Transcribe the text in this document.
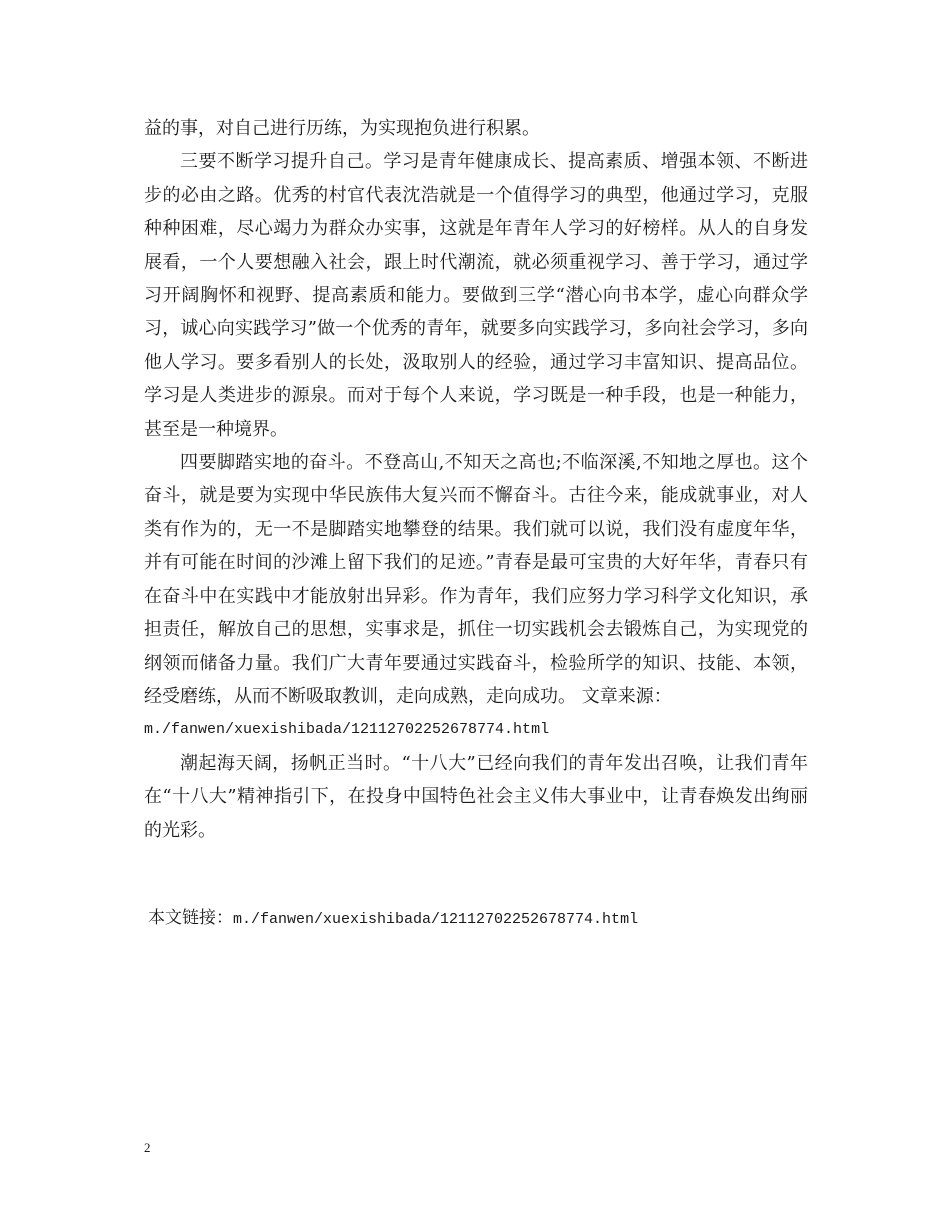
益的事，对自己进行历练，为实现抱负进行积累。

三要不断学习提升自己。学习是青年健康成长、提高素质、增强本领、不断进步的必由之路。优秀的村官代表沈浩就是一个值得学习的典型，他通过学习，克服种种困难，尽心竭力为群众办实事，这就是年青年人学习的好榜样。从人的自身发展看，一个人要想融入社会，跟上时代潮流，就必须重视学习、善于学习，通过学习开阔胸怀和视野、提高素质和能力。要做到三学“潜心向书本学，虚心向群众学习，诚心向实践学习”做一个优秀的青年，就要多向实践学习，多向社会学习，多向他人学习。要多看别人的长处，汲取别人的经验，通过学习丰富知识、提高品位。学习是人类进步的源泉。而对于每个人来说，学习既是一种手段，也是一种能力，甚至是一种境界。

四要脚踏实地的奋斗。不登高山,不知天之高也;不临深溪,不知地之厚也。这个奋斗，就是要为实现中华民族伟大复兴而不懈奋斗。古往今来，能成就事业，对人类有作为的，无一不是脚踏实地攀登的结果。我们就可以说，我们没有虚度年华，并有可能在时间的沙滩上留下我们的足迹。”青春是最可宝贵的大好年华，青春只有在奋斗中在实践中才能放射出异彩。作为青年，我们应努力学习科学文化知识，承担责任，解放自己的思想，实事求是，抓住一切实践机会去锻炼自己，为实现党的纲领而储备力量。我们广大青年要通过实践奋斗，检验所学的知识、技能、本领，经受磨练，从而不断吸取教训，走向成熟，走向成功。 文章来源：

m./fanwen/xuexishibada/12112702252678774.html

潮起海天阔，扬帆正当时。“十八大”已经向我们的青年发出召唤，让我们青年在“十八大”精神指引下，在投身中国特色社会主义伟大事业中，让青春焕发出绚丽的光彩。

本文链接：m./fanwen/xuexishibada/12112702252678774.html
2
